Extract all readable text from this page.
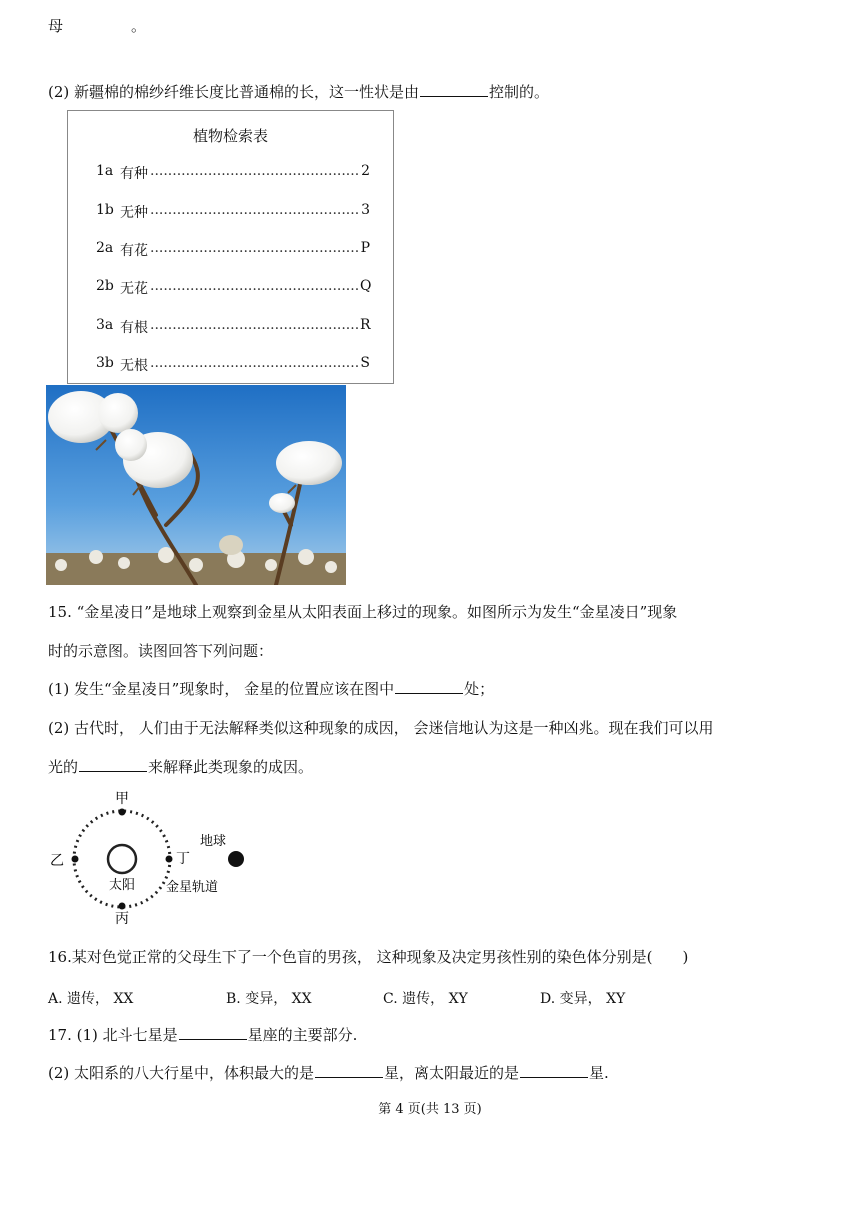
母	。
(2) 新疆棉的棉纱纤维长度比普通棉的长，这一性状是由	控制的。
植物检索表
1a 有种 .....	2
1b 无种 .....	3
2a 有花 .....	P
2b 无花 .....	Q
3a 有根 .....	R
3b 无根 .....	S
15. “金星凌日”是地球上观察到金星从太阳表面上移过的现象。如图所示为发生“金星凌日”现象
时的示意图。读图回答下列问题：
(1) 发生“金星凌日”现象时， 金星的位置应该在图中	处；
(2) 古代时， 人们由于无法解释类似这种现象的成因， 会迷信地认为这是一种凶兆。现在我们可以用
光的	来解释此类现象的成因。
甲
乙
丙
丁
太阳 金星轨道
地球
16.某对色觉正常的父母生下了一个色盲的男孩， 这种现象及决定男孩性别的染色体分别是(　　)
A. 遗传， XX	B. 变异， XX	C. 遗传， XY	D. 变异， XY
17. (1) 北斗七星是	星座的主要部分.
(2) 太阳系的八大行星中，体积最大的是	星，离太阳最近的是	星.
第 4 页(共 13 页)
